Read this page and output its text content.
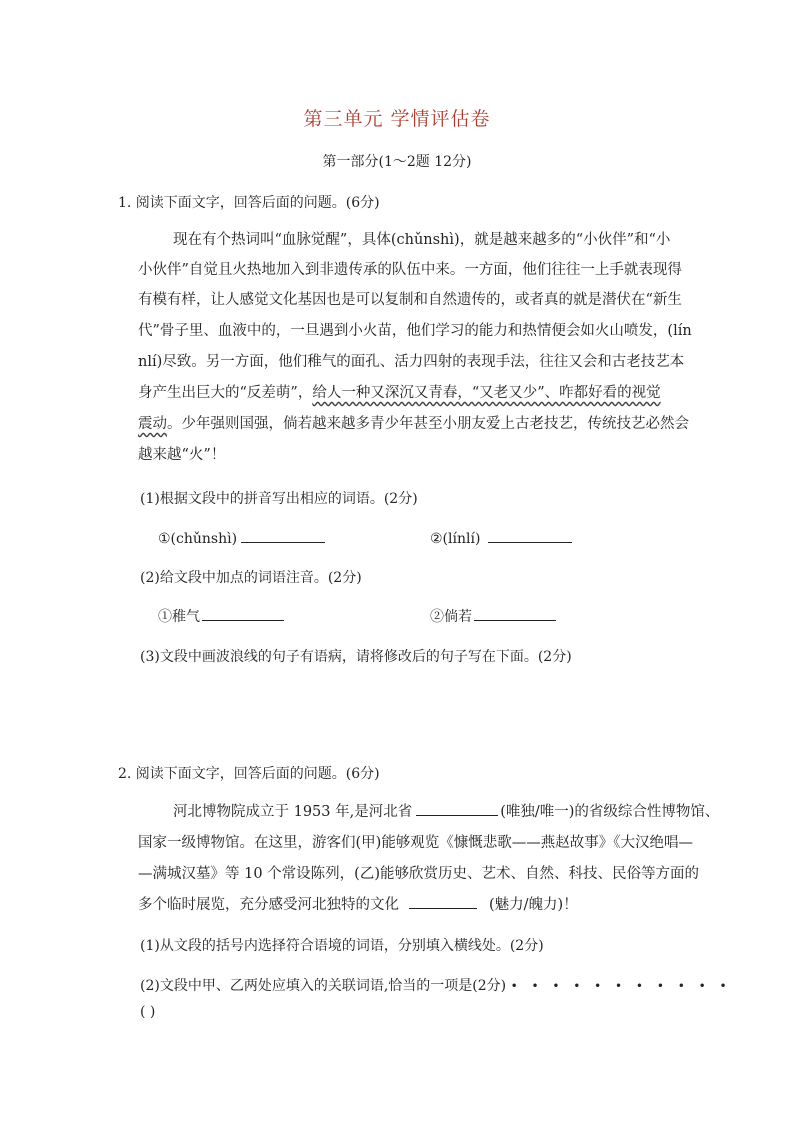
第三单元 学情评估卷
第一部分(1～2题 12分)
1. 阅读下面文字，回答后面的问题。(6分)
现在有个热词叫“血脉觉醒”，具体(chǔnshì)，就是越来越多的“小伙伴”和“小
小伙伴”自觉且火热地加入到非遗传承的队伍中来。一方面，他们往往一上手就表现得
有模有样，让人感觉文化基因也是可以复制和自然遗传的，或者真的就是潜伏在“新生
代”骨子里、血液中的，一旦遇到小火苗，他们学习的能力和热情便会如火山喷发，(lín
nlí)尽致。另一方面，他们稚气的面孔、活力四射的表现手法，往往又会和古老技艺本
身产生出巨大的“反差萌”，给人一种又深沉又青春，“又老又少”、咋都好看的视觉
震动。少年强则国强，倘若越来越多青少年甚至小朋友爱上古老技艺，传统技艺必然会
越来越“火”！
(1)根据文段中的拼音写出相应的词语。(2分)
①(chǔnshì)	②(línlí)
(2)给文段中加点的词语注音。(2分)
①稚气	②倘若
(3)文段中画波浪线的句子有语病，请将修改后的句子写在下面。(2分)
2. 阅读下面文字，回答后面的问题。(6分)
河北博物院成立于 1953 年,是河北省	(唯独/唯一)的省级综合性博物馆、
国家一级博物馆。在这里，游客们(甲)能够观览《慷慨悲歌——燕赵故事》《大汉绝唱—
—满城汉墓》等 10 个常设陈列，(乙)能够欣赏历史、艺术、自然、科技、民俗等方面的
多个临时展览，充分感受河北独特的文化	(魅力/魄力)！
(1)从文段的括号内选择符合语境的词语，分别填入横线处。(2分)
(2)文段中甲、乙两处应填入的关联词语,恰当的一项是(2分) • • • • • • • • • • •
( )
